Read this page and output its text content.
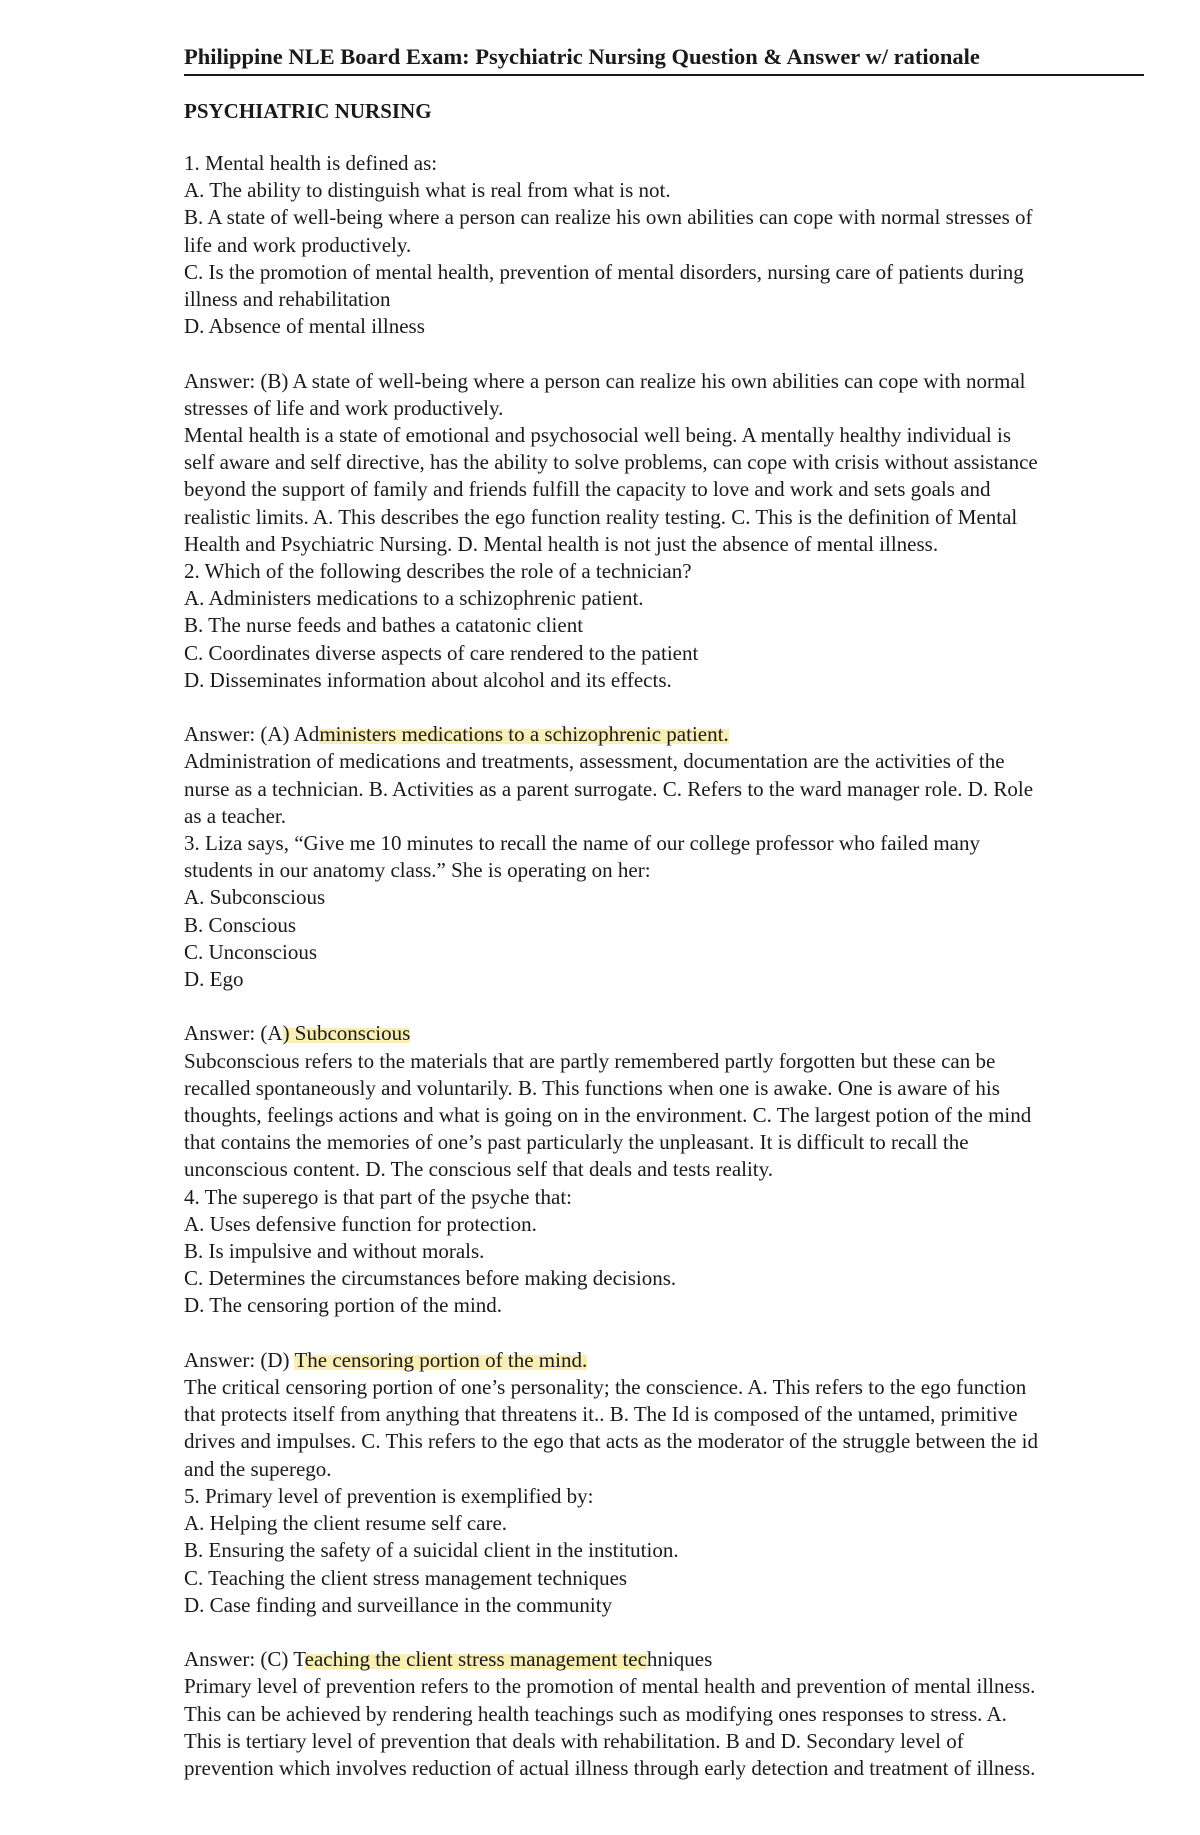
Philippine NLE Board Exam: Psychiatric Nursing Question & Answer w/ rationale
PSYCHIATRIC NURSING
1. Mental health is defined as:
A. The ability to distinguish what is real from what is not.
B. A state of well-being where a person can realize his own abilities can cope with normal stresses of
life and work productively.
C. Is the promotion of mental health, prevention of mental disorders, nursing care of patients during
illness and rehabilitation
D. Absence of mental illness
Answer: (B) A state of well-being where a person can realize his own abilities can cope with normal
stresses of life and work productively.
Mental health is a state of emotional and psychosocial well being. A mentally healthy individual is
self aware and self directive, has the ability to solve problems, can cope with crisis without assistance
beyond the support of family and friends fulfill the capacity to love and work and sets goals and
realistic limits. A. This describes the ego function reality testing. C. This is the definition of Mental
Health and Psychiatric Nursing. D. Mental health is not just the absence of mental illness.
2. Which of the following describes the role of a technician?
A. Administers medications to a schizophrenic patient.
B. The nurse feeds and bathes a catatonic client
C. Coordinates diverse aspects of care rendered to the patient
D. Disseminates information about alcohol and its effects.
Answer: (A) Administers medications to a schizophrenic patient.
Administration of medications and treatments, assessment, documentation are the activities of the
nurse as a technician. B. Activities as a parent surrogate. C. Refers to the ward manager role. D. Role
as a teacher.
3. Liza says, “Give me 10 minutes to recall the name of our college professor who failed many
students in our anatomy class.” She is operating on her:
A. Subconscious
B. Conscious
C. Unconscious
D. Ego
Answer: (A) Subconscious
Subconscious refers to the materials that are partly remembered partly forgotten but these can be
recalled spontaneously and voluntarily. B. This functions when one is awake. One is aware of his
thoughts, feelings actions and what is going on in the environment. C. The largest potion of the mind
that contains the memories of one’s past particularly the unpleasant. It is difficult to recall the
unconscious content. D. The conscious self that deals and tests reality.
4. The superego is that part of the psyche that:
A. Uses defensive function for protection.
B. Is impulsive and without morals.
C. Determines the circumstances before making decisions.
D. The censoring portion of the mind.
Answer: (D) The censoring portion of the mind.
The critical censoring portion of one’s personality; the conscience. A. This refers to the ego function
that protects itself from anything that threatens it.. B. The Id is composed of the untamed, primitive
drives and impulses. C. This refers to the ego that acts as the moderator of the struggle between the id
and the superego.
5. Primary level of prevention is exemplified by:
A. Helping the client resume self care.
B. Ensuring the safety of a suicidal client in the institution.
C. Teaching the client stress management techniques
D. Case finding and surveillance in the community
Answer: (C) Teaching the client stress management techniques
Primary level of prevention refers to the promotion of mental health and prevention of mental illness.
This can be achieved by rendering health teachings such as modifying ones responses to stress. A.
This is tertiary level of prevention that deals with rehabilitation. B and D. Secondary level of
prevention which involves reduction of actual illness through early detection and treatment of illness.
